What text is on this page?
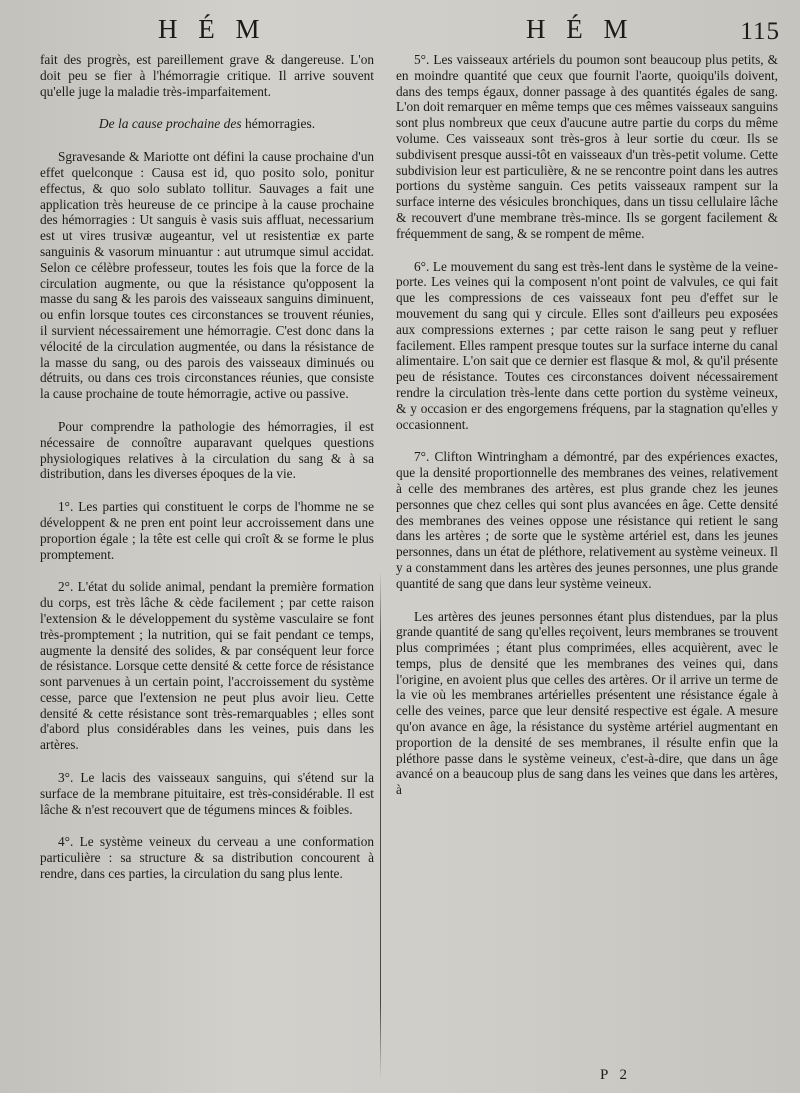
H É M	H É M	115

fait des progrès, est pareillement grave & dangereuse. L'on doit peu se fier à l'hémorragie critique. Il arrive souvent qu'elle juge la maladie très-imparfaitement.

De la cause prochaine des hémorragies.

Sgravesande & Mariotte ont défini la cause prochaine d'un effet quelconque : Causa est id, quo posito solo, ponitur effectus, & quo solo sublato tollitur. Sauvages a fait une application très heureuse de ce principe à la cause prochaine des hémorragies : Ut sanguis è vasis suis affluat, necessarium est ut vires trusivæ augeantur, vel ut resistentiæ ex parte sanguinis & vasorum minuantur : aut utrumque simul accidat. Selon ce célèbre professeur, toutes les fois que la force de la circulation augmente, ou que la résistance qu'opposent la masse du sang & les parois des vaisseaux sanguins diminuent, ou enfin lorsque toutes ces circonstances se trouvent réunies, il survient nécessairement une hémorragie. C'est donc dans la vélocité de la circulation augmentée, ou dans la résistance de la masse du sang, ou des parois des vaisseaux diminués ou détruits, ou dans ces trois circonstances réunies, que consiste la cause prochaine de toute hémorragie, active ou passive.

Pour comprendre la pathologie des hémorragies, il est nécessaire de connoître auparavant quelques questions physiologiques relatives à la circulation du sang & à sa distribution, dans les diverses époques de la vie.

1°. Les parties qui constituent le corps de l'homme ne se développent & ne pren ent point leur accroissement dans une proportion égale ; la tête est celle qui croît & se forme le plus promptement.

2°. L'état du solide animal, pendant la première formation du corps, est très lâche & cède facilement ; par cette raison l'extension & le développement du système vasculaire se font très-promptement ; la nutrition, qui se fait pendant ce temps, augmente la densité des solides, & par conséquent leur force de résistance. Lorsque cette densité & cette force de résistance sont parvenues à un certain point, l'accroissement du système cesse, parce que l'extension ne peut plus avoir lieu. Cette densité & cette résistance sont très-remarquables ; elles sont d'abord plus considérables dans les veines, puis dans les artères.

3°. Le lacis des vaisseaux sanguins, qui s'étend sur la surface de la membrane pituitaire, est très-considérable. Il est lâche & n'est recouvert que de tégumens minces & foibles.

4°. Le système veineux du cerveau a une conformation particulière : sa structure & sa distribution concourent à rendre, dans ces parties, la circulation du sang plus lente.

5°. Les vaisseaux artériels du poumon sont beaucoup plus petits, & en moindre quantité que ceux que fournit l'aorte, quoiqu'ils doivent, dans des temps égaux, donner passage à des quantités égales de sang. L'on doit remarquer en même temps que ces mêmes vaisseaux sanguins sont plus nombreux que ceux d'aucune autre partie du corps du même volume. Ces vaisseaux sont très-gros à leur sortie du cœur. Ils se subdivisent presque aussi-tôt en vaisseaux d'un très-petit volume. Cette subdivision leur est particulière, & ne se rencontre point dans les autres portions du système sanguin. Ces petits vaisseaux rampent sur la surface interne des vésicules bronchiques, dans un tissu cellulaire lâche & recouvert d'une membrane très-mince. Ils se gorgent facilement & fréquemment de sang, & se rompent de même.

6°. Le mouvement du sang est très-lent dans le système de la veine-porte. Les veines qui la composent n'ont point de valvules, ce qui fait que les compressions de ces vaisseaux font peu d'effet sur le mouvement du sang qui y circule. Elles sont d'ailleurs peu exposées aux compressions externes ; par cette raison le sang peut y refluer facilement. Elles rampent presque toutes sur la surface interne du canal alimentaire. L'on sait que ce dernier est flasque & mol, & qu'il présente peu de résistance. Toutes ces circonstances doivent nécessairement rendre la circulation très-lente dans cette portion du système veineux, & y occasion er des engorgemens fréquens, par la stagnation qu'elles y occasionnent.

7°. Clifton Wintringham a démontré, par des expériences exactes, que la densité proportionnelle des membranes des veines, relativement à celle des membranes des artères, est plus grande chez les jeunes personnes que chez celles qui sont plus avancées en âge. Cette densité des membranes des veines oppose une résistance qui retient le sang dans les artères ; de sorte que le système artériel est, dans les jeunes personnes, dans un état de pléthore, relativement au système veineux. Il y a constamment dans les artères des jeunes personnes, une plus grande quantité de sang que dans leur système veineux.

Les artères des jeunes personnes étant plus distendues, par la plus grande quantité de sang qu'elles reçoivent, leurs membranes se trouvent plus comprimées ; étant plus comprimées, elles acquièrent, avec le temps, plus de densité que les membranes des veines qui, dans l'origine, en avoient plus que celles des artères. Or il arrive un terme de la vie où les membranes artérielles présentent une résistance égale à celle des veines, parce que leur densité respective est égale. A mesure qu'on avance en âge, la résistance du système artériel augmentant en proportion de la densité de ses membranes, il résulte enfin que la pléthore passe dans le système veineux, c'est-à-dire, que dans un âge avancé on a beaucoup plus de sang dans les veines que dans les artères, à

P 2
